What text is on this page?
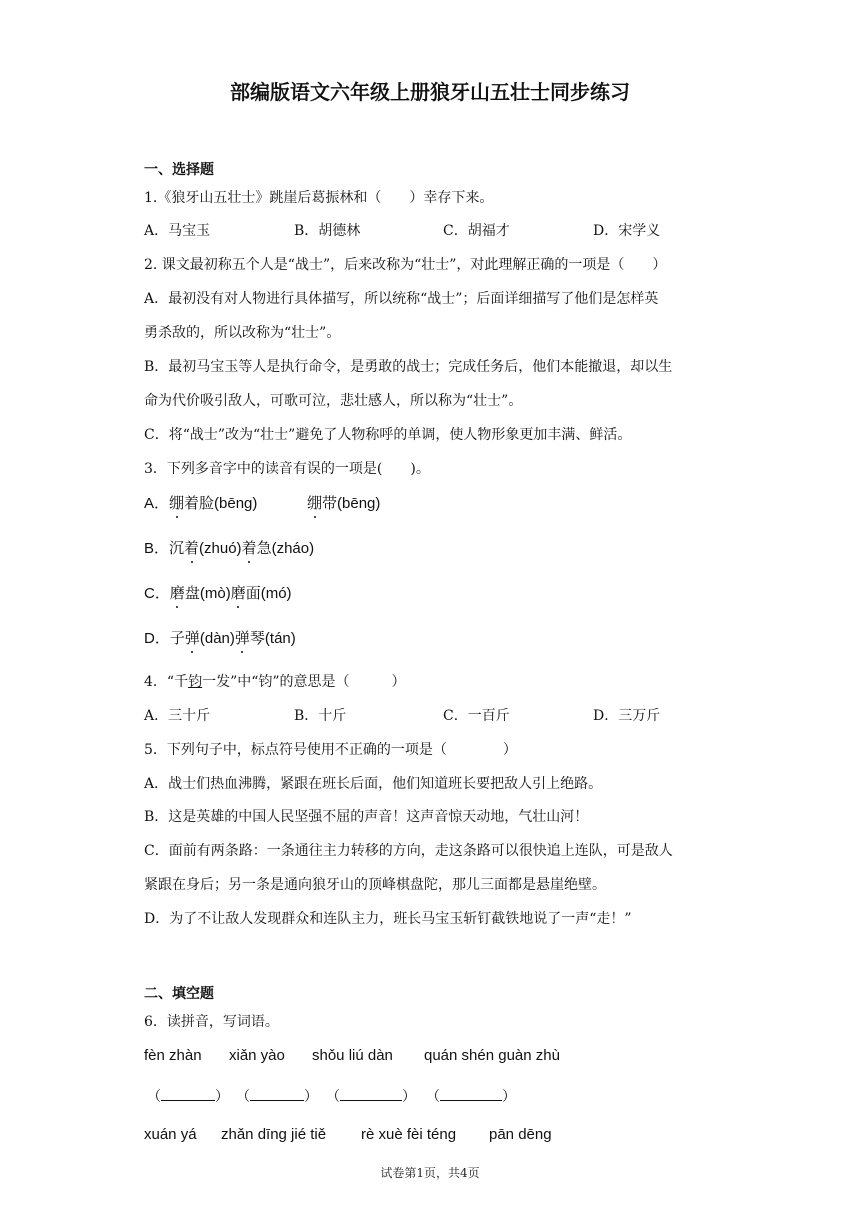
部编版语文六年级上册狼牙山五壮士同步练习
一、选择题
1.《狼牙山五壮士》跳崖后葛振林和（　　）幸存下来。
A．马宝玉	B．胡德林	C．胡福才	D．宋学义
2. 课文最初称五个人是“战士”，后来改称为“壮士”，对此理解正确的一项是（　　）
A．最初没有对人物进行具体描写，所以统称“战士”；后面详细描写了他们是怎样英
勇杀敌的，所以改称为“壮士”。
B．最初马宝玉等人是执行命令，是勇敢的战士；完成任务后，他们本能撤退，却以生
命为代价吸引敌人，可歌可泣，悲壮感人，所以称为“壮士”。
C．将“战士”改为“壮士”避免了人物称呼的单调，使人物形象更加丰满、鲜活。
3．下列多音字中的读音有误的一项是(　　)。
A．绷着脸(bēng)	绷带(bēng)
B．沉着(zhuó)着急(zháo)
C．磨盘(mò)磨面(mó)
D．子弹(dàn)弹琴(tán)
4．“千钧一发”中“钧”的意思是（　　　）
A．三十斤	B．十斤	C．一百斤	D．三万斤
5．下列句子中，标点符号使用不正确的一项是（　　　　）
A．战士们热血沸腾，紧跟在班长后面，他们知道班长要把敌人引上绝路。
B．这是英雄的中国人民坚强不屈的声音！这声音惊天动地，气壮山河！
C．面前有两条路：一条通往主力转移的方向，走这条路可以很快追上连队，可是敌人
紧跟在身后；另一条是通向狼牙山的顶峰棋盘陀，那儿三面都是悬崖绝壁。
D．为了不让敌人发现群众和连队主力，班长马宝玉斩钉截铁地说了一声“走！”
二、填空题
6．读拼音，写词语。
fèn zhàn xiǎn yào shǒu liú dàn quán shén guàn zhù
（	） （	） （	） （	）
xuán yá zhǎn dīng jié tiě rè xuè fèi téng pān dēng
试卷第1页，共4页
